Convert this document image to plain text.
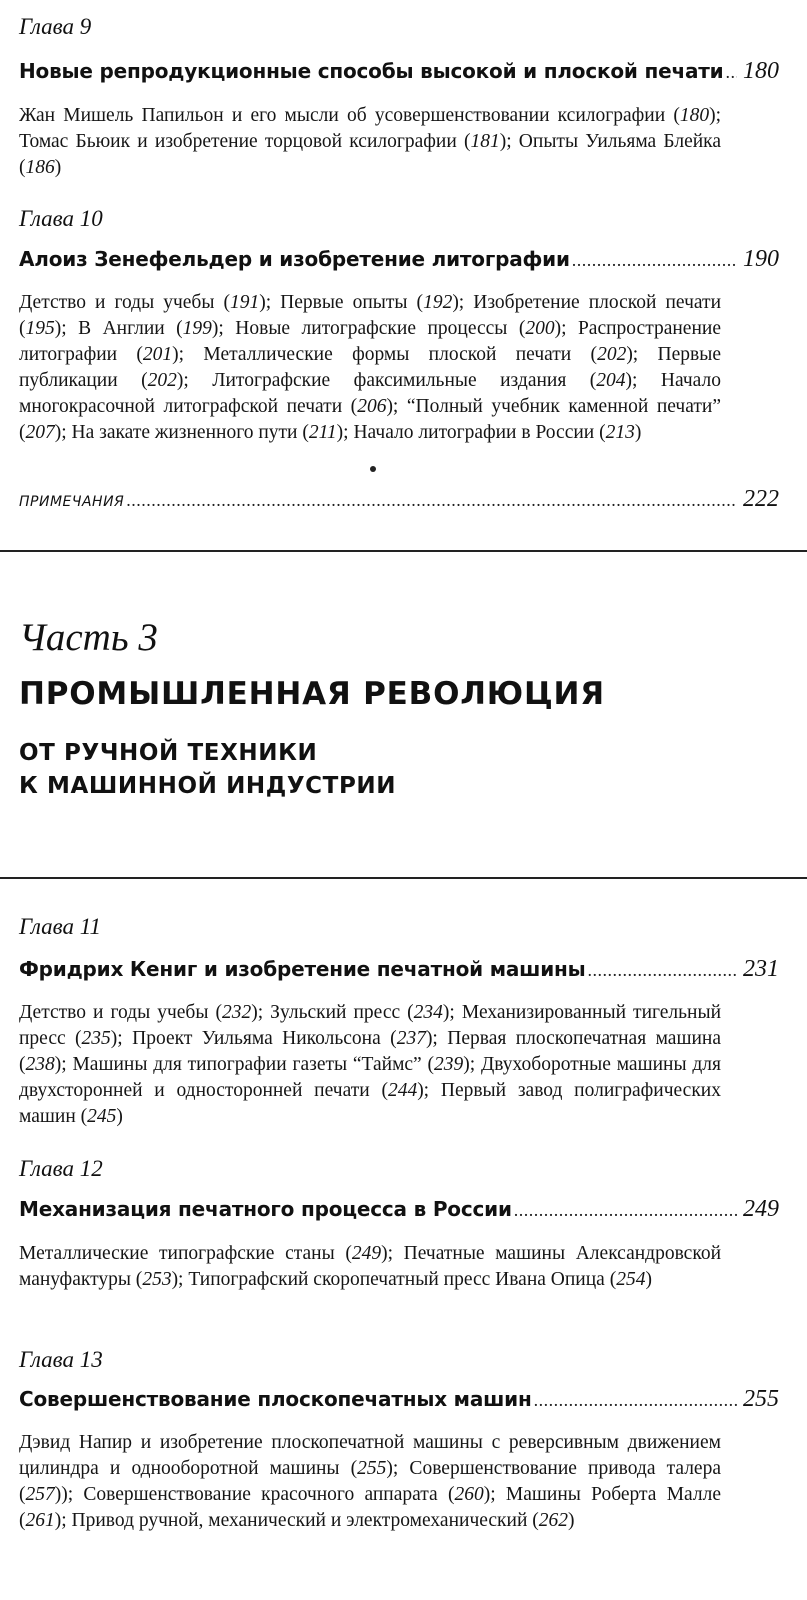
Глава 9
Новые репродукционные способы высокой и плоской печати . . . 180
Жан Мишель Папильон и его мысли об усовершенствовании ксилографии (180); Томас Бьюик и изобретение торцовой ксилографии (181); Опыты Уильяма Блейка (186)
Глава 10
Алоиз Зенефельдер и изобретение литографии . . .	190
Детство и годы учебы (191); Первые опыты (192); Изобретение плоской печати (195); В Англии (199); Новые литографские процессы (200); Распространение литографии (201); Металлические формы плоской печати (202); Первые публикации (202); Литографские факсимильные издания (204); Начало многокрасочной литографской печати (206); “Полный учебник каменной печати” (207); На закате жизненного пути (211); Начало литографии в России (213)
ПРИМЕЧАНИЯ . . .	222
Часть 3
ПРОМЫШЛЕННАЯ РЕВОЛЮЦИЯ
ОТ РУЧНОЙ ТЕХНИКИ
К МАШИННОЙ ИНДУСТРИИ
Глава 11
Фридрих Кениг и изобретение печатной машины . . .	231
Детство и годы учебы (232); Зульский пресс (234); Механизированный тигельный пресс (235); Проект Уильяма Никольсона (237); Первая плоскопечатная машина (238); Машины для типографии газеты “Таймс” (239); Двухоборотные машины для двухсторонней и односторонней печати (244); Первый завод полиграфических машин (245)
Глава 12
Механизация печатного процесса в России . . .	249
Металлические типографские станы (249); Печатные машины Александровской мануфактуры (253); Типографский скоропечатный пресс Ивана Опица (254)
Глава 13
Совершенствование плоскопечатных машин . . .	255
Дэвид Напир и изобретение плоскопечатной машины с реверсивным движением цилиндра и однооборотной машины (255); Совершенствование привода талера (257)); Совершенствование красочного аппарата (260); Машины Роберта Малле (261); Привод ручной, механический и электромеханический (262)
